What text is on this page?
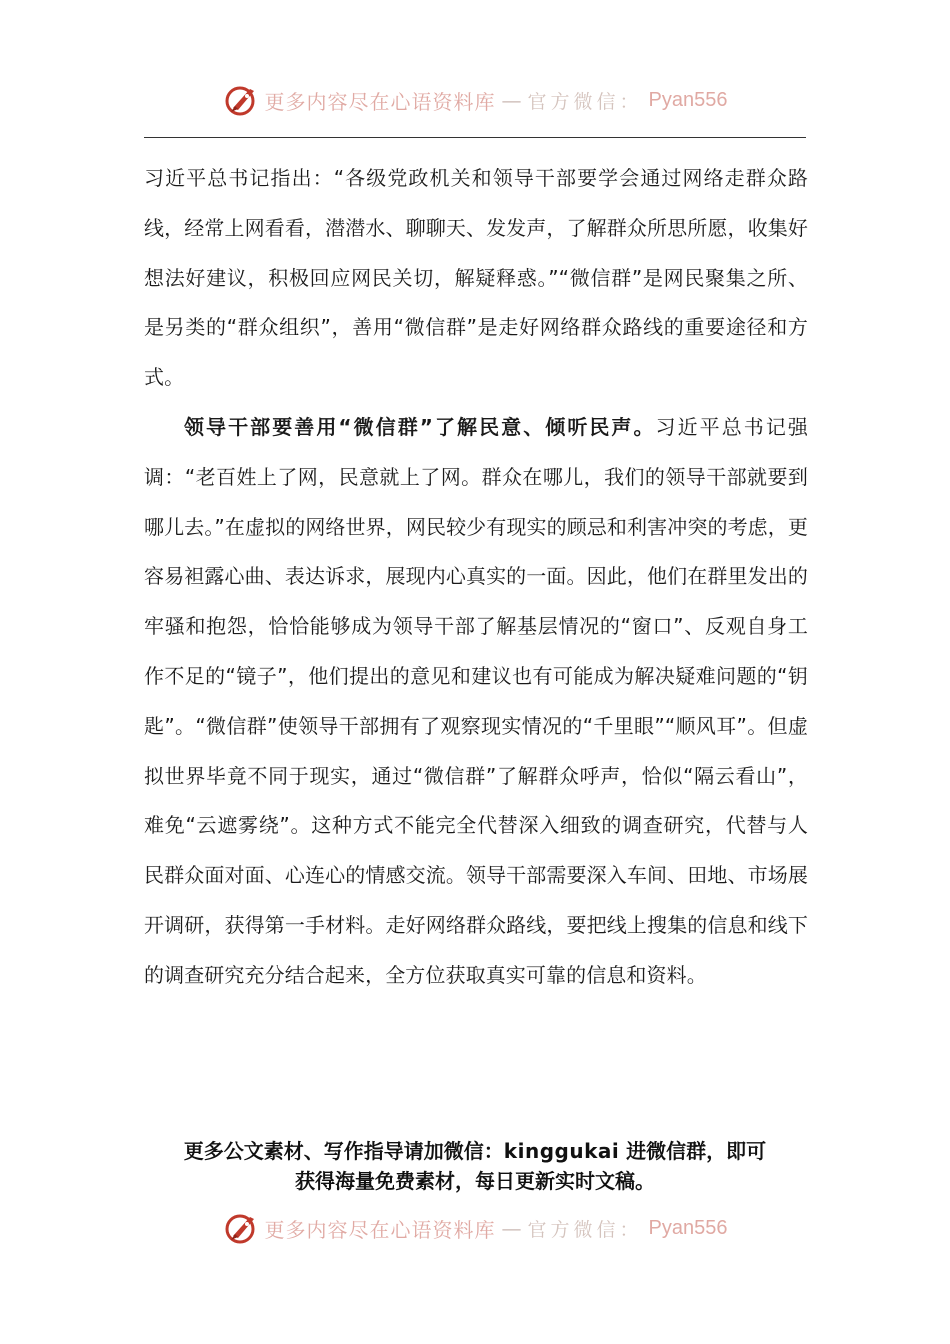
更多内容尽在心语资料库 — 官方微信： Pyan556

习近平总书记指出：“各级党政机关和领导干部要学会通过网络走群众路线，经常上网看看，潜潜水、聊聊天、发发声，了解群众所思所愿，收集好想法好建议，积极回应网民关切，解疑释惑。”“微信群”是网民聚集之所、是另类的“群众组织”，善用“微信群”是走好网络群众路线的重要途径和方式。

领导干部要善用“微信群”了解民意、倾听民声。习近平总书记强调：“老百姓上了网，民意就上了网。群众在哪儿，我们的领导干部就要到哪儿去。”在虚拟的网络世界，网民较少有现实的顾忌和利害冲突的考虑，更容易袒露心曲、表达诉求，展现内心真实的一面。因此，他们在群里发出的牢骚和抱怨，恰恰能够成为领导干部了解基层情况的“窗口”、反观自身工作不足的“镜子”，他们提出的意见和建议也有可能成为解决疑难问题的“钥匙”。“微信群”使领导干部拥有了观察现实情况的“千里眼”“顺风耳”。但虚拟世界毕竟不同于现实，通过“微信群”了解群众呼声，恰似“隔云看山”，难免“云遮雾绕”。这种方式不能完全代替深入细致的调查研究，代替与人民群众面对面、心连心的情感交流。领导干部需要深入车间、田地、市场展开调研，获得第一手材料。走好网络群众路线，要把线上搜集的信息和线下的调查研究充分结合起来，全方位获取真实可靠的信息和资料。

更多公文素材、写作指导请加微信：kinggukai 进微信群，即可
获得海量免费素材，每日更新实时文稿。
更多内容尽在心语资料库 — 官方微信： Pyan556
